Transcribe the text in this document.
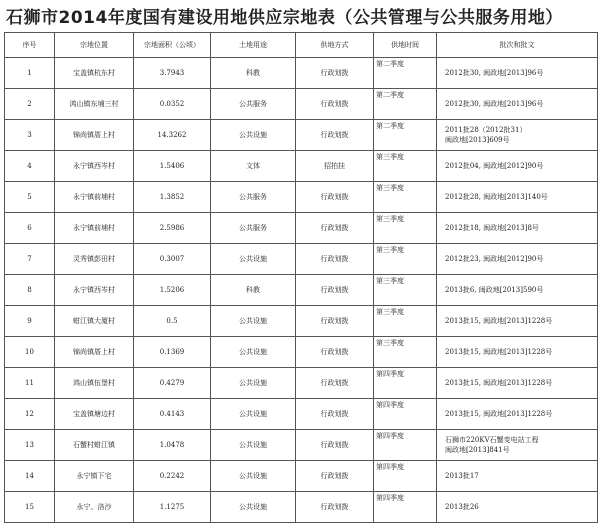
石狮市2014年度国有建设用地供应宗地表（公共管理与公共服务用地）
序号	宗地位置	宗地面积（公顷）	土地用途	供地方式	供地时间	批次和批文
1	宝盖镇杭东村	3.7943	科教	行政划拨	第二季度	2012批30, 闽政地[2013]96号

2	鸿山镇东埔三村	0.0352	公共服务	行政划拨	第二季度	2012批30, 闽政地[2013]96号

3	锦尚镇厝上村	14.3262	公共设施	行政划拨	第二季度	2011批28（2012批31）
闽政地[2013]609号

4	永宁镇西岑村	1.5406	文体	招拍挂	第三季度	2012批04, 闽政地[2012]90号

5	永宁镇前埔村	1.3852	公共服务	行政划拨	第三季度	2012批28, 闽政地[2013]140号

6	永宁镇前埔村	2.5986	公共服务	行政划拨	第三季度	2012批18, 闽政地[2013]8号

7	灵秀镇彭田村	0.3007	公共设施	行政划拨	第三季度	2012批23, 闽政地[2012]90号

8	永宁镇西岑村	1.5206	科教	行政划拨	第三季度	2013批6, 闽政地[2013]590号

9	蚶江镇大厦村	0.5	公共设施	行政划拨	第三季度	2013批15, 闽政地[2013]1228号

10	锦尚镇厝上村	0.1369	公共设施	行政划拨	第三季度	2013批15, 闽政地[2013]1228号

11	鸿山镇伍堡村	0.4279	公共设施	行政划拨	第四季度	2013批15, 闽政地[2013]1228号

12	宝盖镇塘边村	0.4143	公共设施	行政划拨	第四季度	2013批15, 闽政地[2013]1228号

13	石蟹村蚶江镇	1.0478	公共设施	行政划拨	第四季度	石狮市220KV石蟹变电站工程
闽政地[2013]841号

14	永宁镇下宅	0.2242	公共设施	行政划拨	第四季度	2013批17

15	永宁、洛沙	1.1275	公共设施	行政划拨	第四季度	2013批26
